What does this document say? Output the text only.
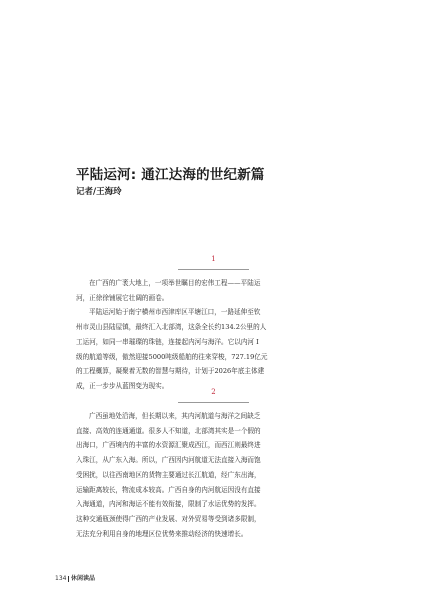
平陆运河: 通江达海的世纪新篇
记者/王海玲
1
在广西的广袤大地上，一项举世瞩目的宏伟工程——平陆运
河，正徐徐铺展它壮阔的画卷。
平陆运河始于南宁横州市西津库区平塘江口，一路延伸至钦
州市灵山县陆屋镇，最终汇入北部湾，这条全长约134.2公里的人
工运河，如同一串璀璨的珠链，连接起内河与海洋。它以内河 I
级的航道等级，傲然迎接5000吨级船舶的往来穿梭，727.19亿元
的工程概算，凝聚着无数的智慧与期待，计划于2026年底主体建
成，正一步步从蓝图变为现实。
2
广西虽地处沿海，但长期以来，其内河航道与海洋之间缺乏
直接、高效的连通通道。很多人不知道，北部湾其实是一个假的
出海口，广西境内的丰富的水资源汇聚成西江，而西江则最终进
入珠江，从广东入海。所以，广西因内河航道无法直接入海而饱
受困扰，以往西南地区的货物主要通过长江航道，经广东出海，
运输距离较长，物流成本较高。广西自身的内河航运因没有直接
入海通道，内河和海运不能有效衔接，限制了水运优势的发挥。
这种交通瓶颈使得广西的产业发展、对外贸易等受到诸多限制，
无法充分利用自身的地理区位优势来推动经济的快速增长。
134 休闲读品
